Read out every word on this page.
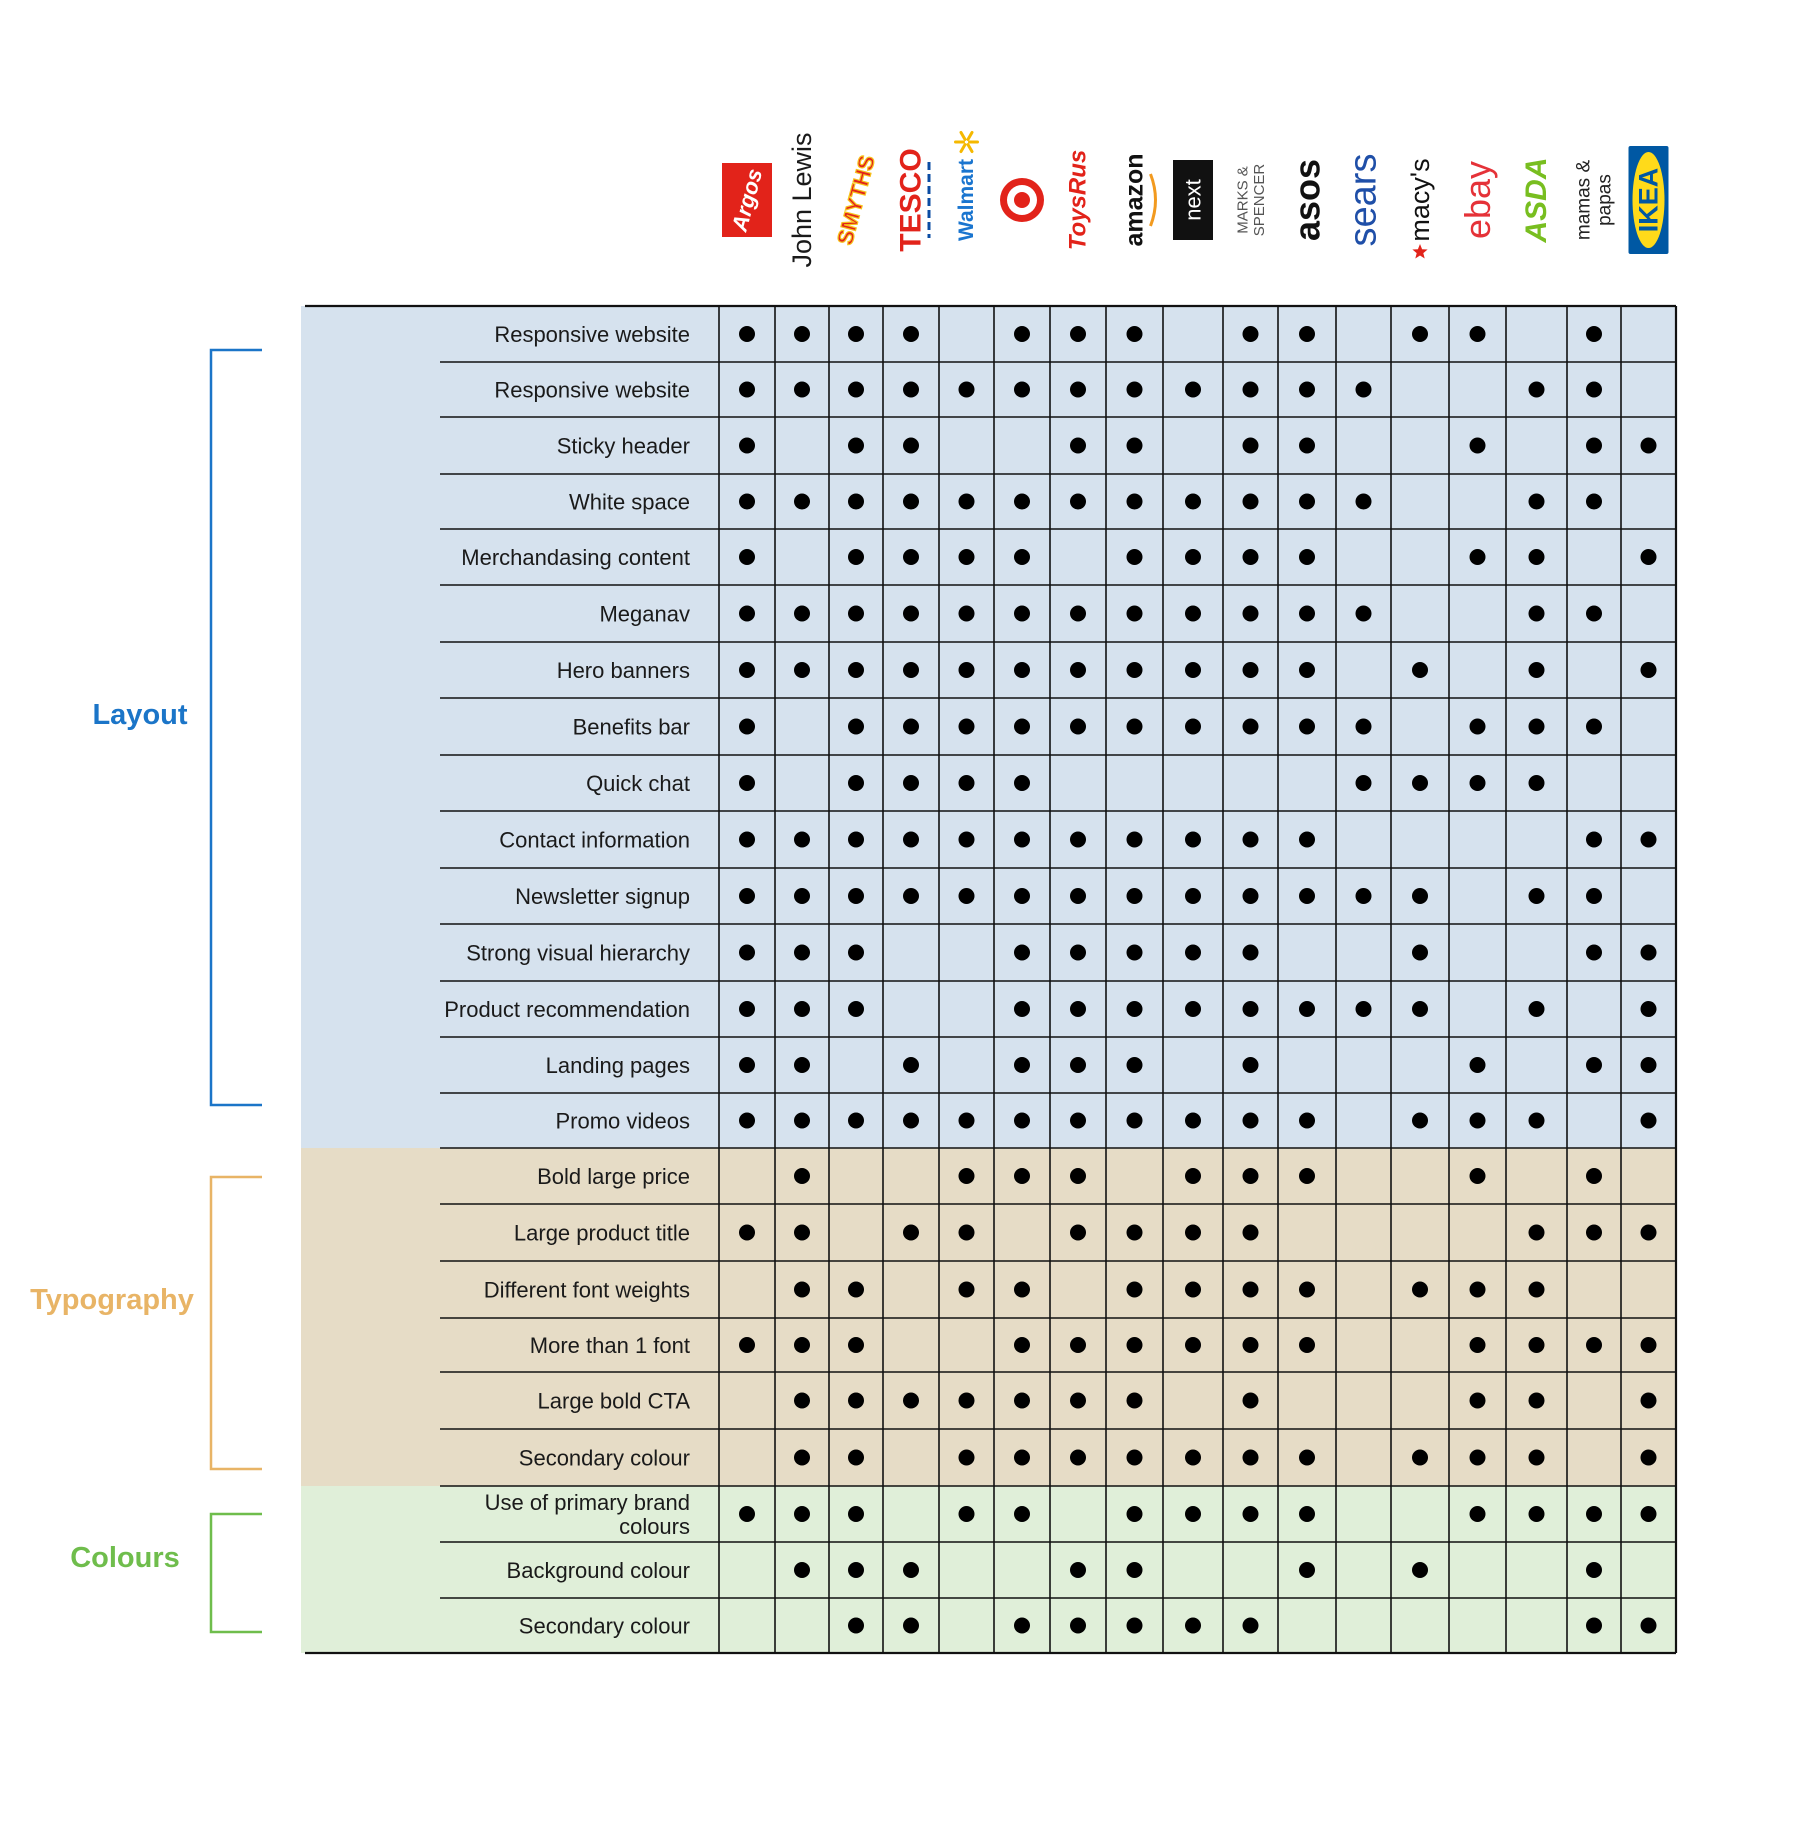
Argos John Lewis SMYTHS TESCO Walmart	ToysRus amazon next MARKS &SPENCER asos sears macy's ebay ASDA mamas &papas IKEA
Responsive website
Responsive website
Sticky header
White space
Merchandasing content
Meganav
Hero banners
Benefits bar
Quick chat
Contact information
Newsletter signup
Strong visual hierarchy
Product recommendation
Landing pages
Promo videos
Bold large price
Large product title
Different font weights
More than 1 font
Large bold CTA
Secondary colour
Use of primary brand colours
Background colour
Secondary colour
Layout
Typography
Colours
